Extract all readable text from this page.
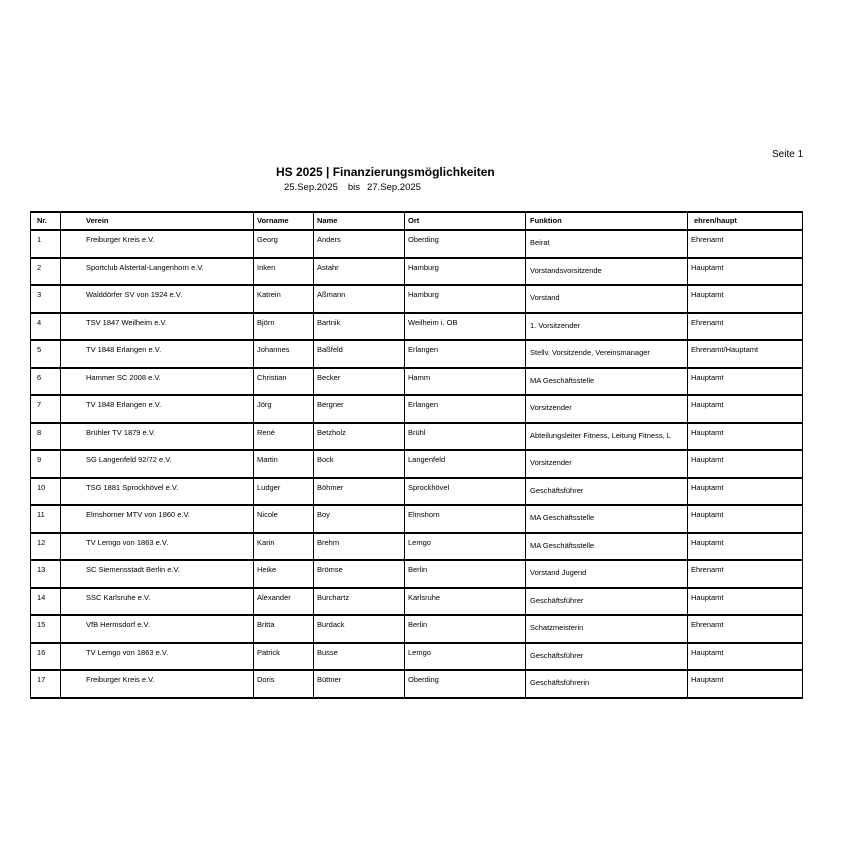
Seite 1
HS 2025 | Finanzierungsmöglichkeiten
25.Sep.2025 bis 27.Sep.2025
Nr.	Verein	Vorname	Name	Ort	Funktion	ehren/haupt
1	Freiburger Kreis e.V.	Georg	Anders	Oberding	Beirat	Ehrenamt
2	Sportclub Alstertal-Langenhorn e.V.	Inken	Astahr	Hamburg	Vorstandsvorsitzende	Hauptamt
3	Walddörfer SV von 1924 e.V.	Katrein	Aßmann	Hamburg	Vorstand	Hauptamt
4	TSV 1847 Weilheim e.V.	Björn	Bartnik	Weilheim i. OB	1. Vorsitzender	Ehrenamt
5	TV 1848 Erlangen e.V.	Johannes	Baßfeld	Erlangen	Stellv. Vorsitzende, Vereinsmanager	Ehrenamt/Hauptamt
6	Hammer SC 2008 e.V.	Christian	Becker	Hamm	MA Geschäftsstelle	Hauptamt
7	TV 1848 Erlangen e.V.	Jörg	Bergner	Erlangen	Vorsitzender	Hauptamt
8	Brühler TV 1879 e.V.	René	Betzholz	Brühl	Abteilungsleiter Fitness, Leitung Fitness, L	Hauptamt
9	SG Langenfeld 92/72 e.V.	Martin	Bock	Langenfeld	Vorsitzender	Hauptamt
10	TSG 1881 Sprockhövel e.V.	Ludger	Böhmer	Sprockhövel	Geschäftsführer	Hauptamt
11	Elmshorner MTV von 1860 e.V.	Nicole	Boy	Elmshorn	MA Geschäftsstelle	Hauptamt
12	TV Lemgo von 1863 e.V.	Karin	Brehm	Lemgo	MA Geschäftsstelle	Hauptamt
13	SC Siemensstadt Berlin e.V.	Heike	Brömse	Berlin	Vorstand Jugend	Ehrenamt
14	SSC Karlsruhe e.V.	Alexander	Burchartz	Karlsruhe	Geschäftsführer	Hauptamt
15	VfB Hermsdorf e.V.	Britta	Burdack	Berlin	Schatzmeisterin	Ehrenamt
16	TV Lemgo von 1863 e.V.	Patrick	Busse	Lemgo	Geschäftsführer	Hauptamt
17	Freiburger Kreis e.V.	Doris	Büttner	Oberding	Geschäftsführerin	Hauptamt
